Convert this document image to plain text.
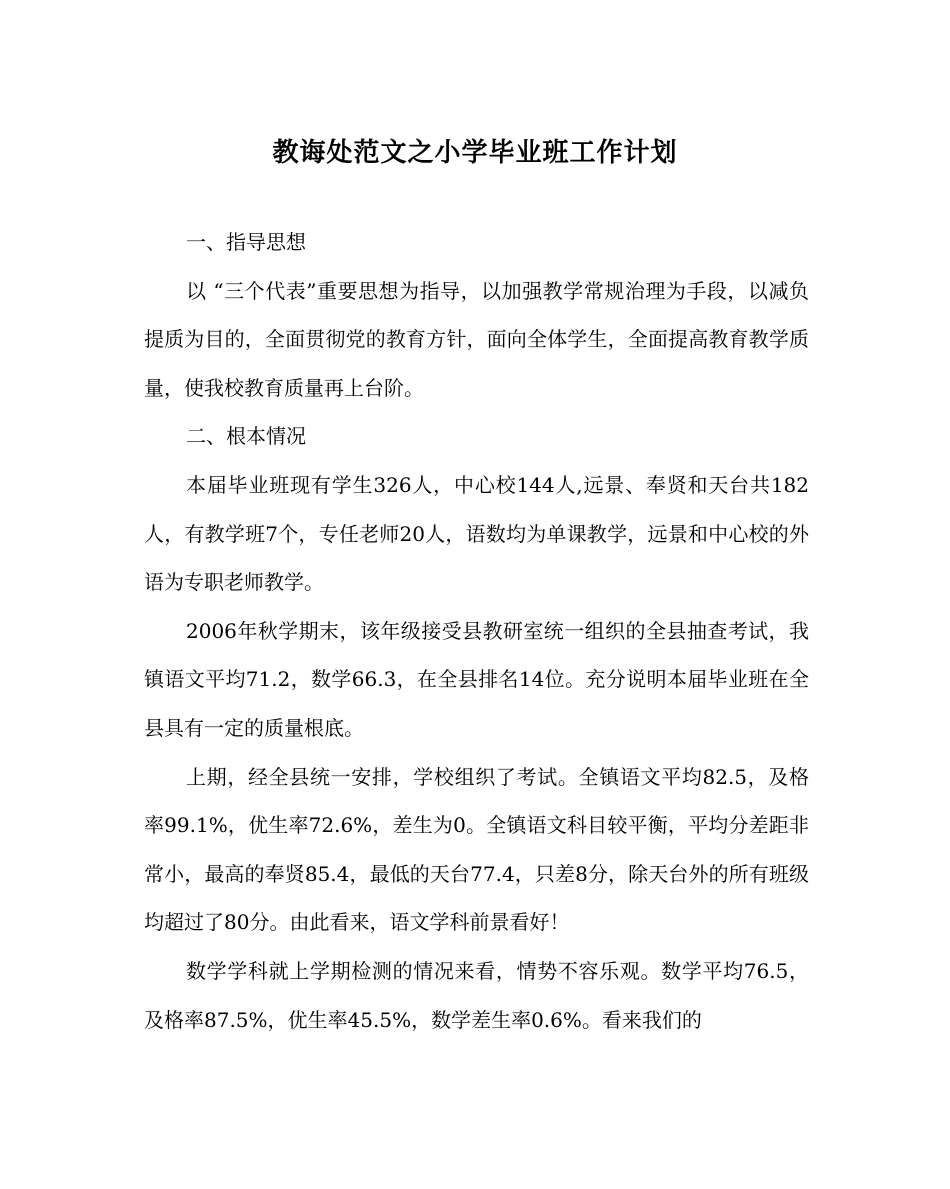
教诲处范文之小学毕业班工作计划

一、指导思想

以 “三个代表”重要思想为指导，以加强教学常规治理为手段，以减负提质为目的，全面贯彻党的教育方针，面向全体学生，全面提高教育教学质量，使我校教育质量再上台阶。

二、根本情况

本届毕业班现有学生326人，中心校144人,远景、奉贤和天台共182人，有教学班7个，专任老师20人，语数均为单课教学，远景和中心校的外语为专职老师教学。

2006年秋学期末，该年级接受县教研室统一组织的全县抽查考试，我镇语文平均71.2，数学66.3，在全县排名14位。充分说明本届毕业班在全县具有一定的质量根底。

上期，经全县统一安排，学校组织了考试。全镇语文平均82.5，及格率99.1%，优生率72.6%，差生为0。全镇语文科目较平衡，平均分差距非常小，最高的奉贤85.4，最低的天台77.4，只差8分，除天台外的所有班级均超过了80分。由此看来，语文学科前景看好！

数学学科就上学期检测的情况来看，情势不容乐观。数学平均76.5，及格率87.5%，优生率45.5%，数学差生率0.6%。看来我们的
